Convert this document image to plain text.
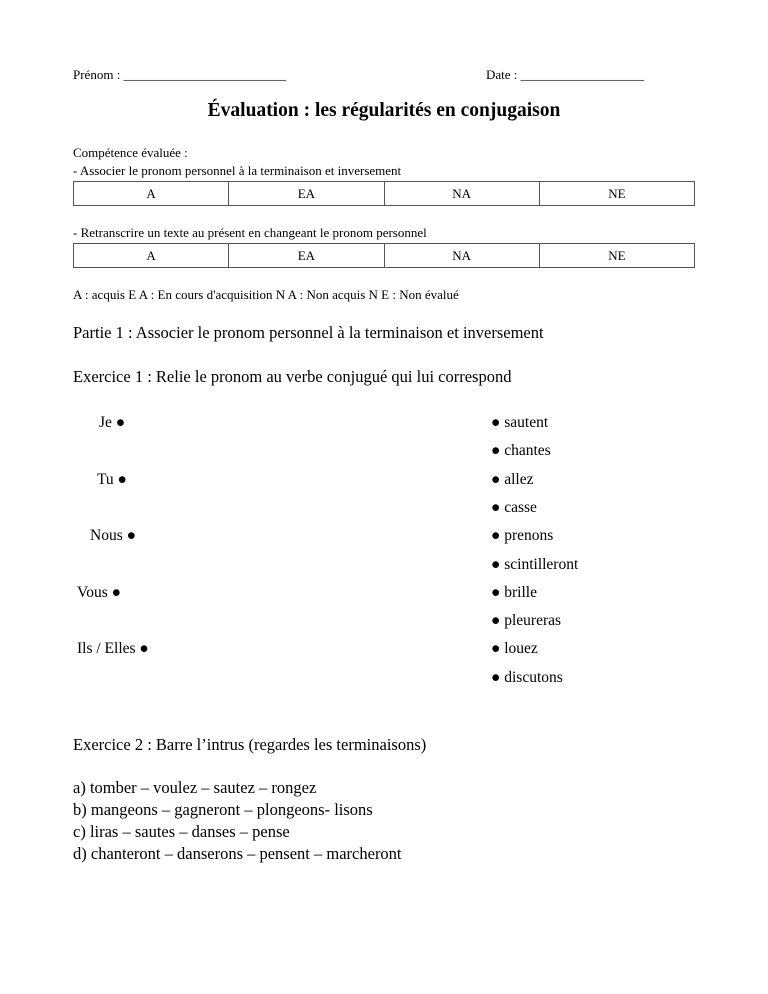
Prénom : _________________________	Date : ___________________
Évaluation : les régularités en conjugaison
Compétence évaluée :
- Associer le pronom personnel à la terminaison et inversement
A	EA	NA	NE
- Retranscrire un texte au présent en changeant le pronom personnel
A	EA	NA	NE
A : acquis E A : En cours d'acquisition N A : Non acquis N E : Non évalué
Partie 1 : Associer le pronom personnel à la terminaison et inversement
Exercice 1 : Relie le pronom au verbe conjugué qui lui correspond
Je ●
Tu ●
Nous ●
Vous ●
Ils / Elles ●
● sautent
● chantes
● allez
● casse
● prenons
● scintilleront
● brille
● pleureras
● louez
● discutons
Exercice 2 : Barre l’intrus (regardes les terminaisons)
a) tomber – voulez – sautez – rongez
b) mangeons – gagneront – plongeons- lisons
c) liras – sautes – danses – pense
d) chanteront – danserons – pensent – marcheront
